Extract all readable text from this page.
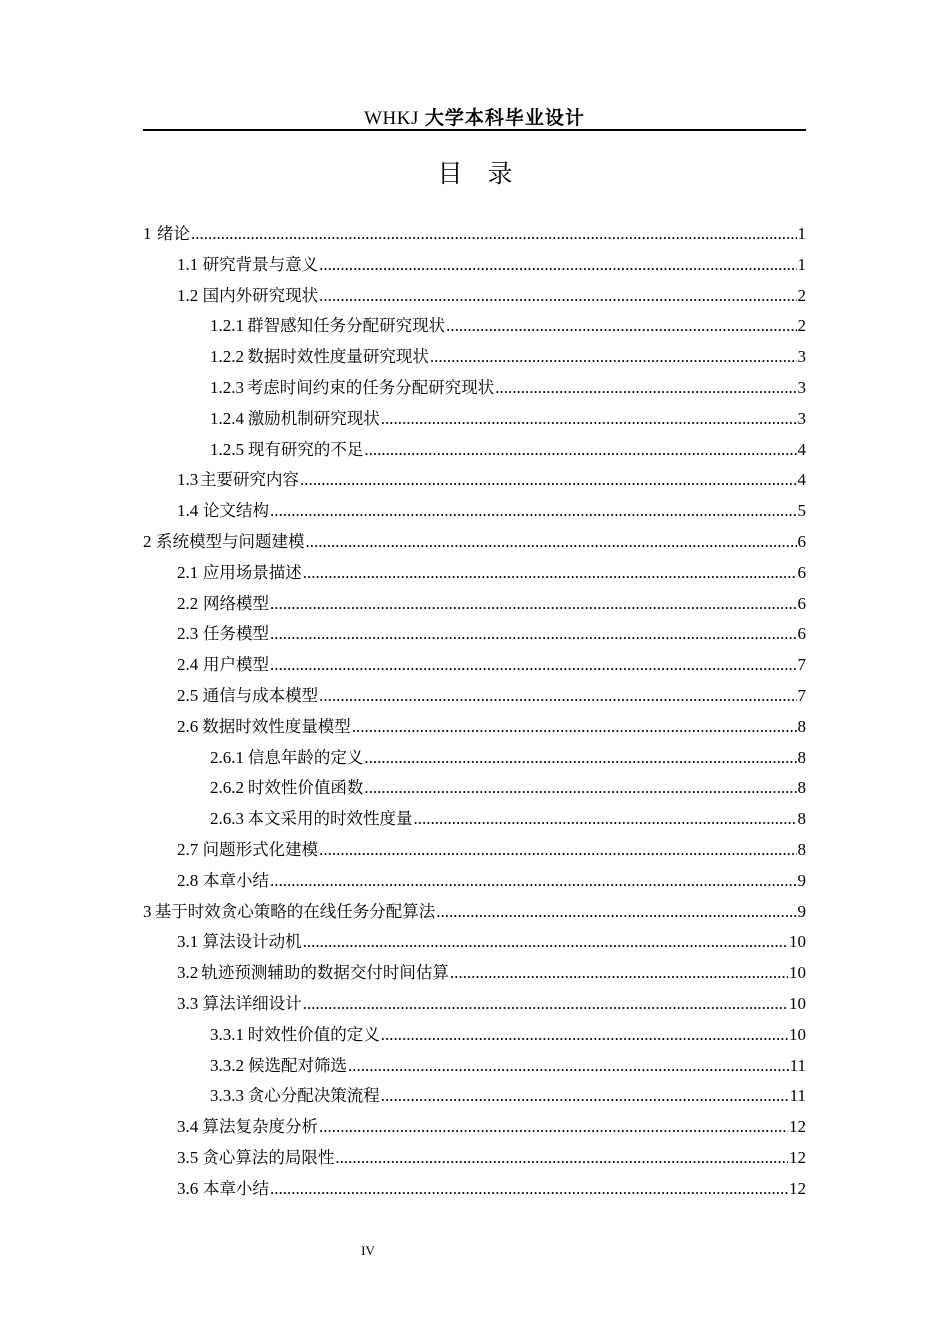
WHKJ 大学本科毕业设计
目　录
1 绪论 .....	1
1.1 研究背景与意义 .....	1
1.2 国内外研究现状 .....	2
1.2.1 群智感知任务分配研究现状 .....	2
1.2.2 数据时效性度量研究现状 .....	3
1.2.3 考虑时间约束的任务分配研究现状 .....	3
1.2.4 激励机制研究现状 .....	3
1.2.5 现有研究的不足 .....	4
1.3 主要研究内容 .....	4
1.4 论文结构 .....	5
2 系统模型与问题建模 .....	6
2.1 应用场景描述 .....	6
2.2 网络模型 .....	6
2.3 任务模型 .....	6
2.4 用户模型 .....	7
2.5 通信与成本模型 .....	7
2.6 数据时效性度量模型 .....	8
2.6.1 信息年龄的定义 .....	8
2.6.2 时效性价值函数 .....	8
2.6.3 本文采用的时效性度量 .....	8
2.7 问题形式化建模 .....	8
2.8 本章小结 .....	9
3 基于时效贪心策略的在线任务分配算法 .....	9
3.1 算法设计动机 .....	10
3.2 轨迹预测辅助的数据交付时间估算 .....	10
3.3 算法详细设计 .....	10
3.3.1 时效性价值的定义 .....	10
3.3.2 候选配对筛选 .....	11
3.3.3 贪心分配决策流程 .....	11
3.4 算法复杂度分析 .....	12
3.5 贪心算法的局限性 .....	12
3.6 本章小结 .....	12
IV
